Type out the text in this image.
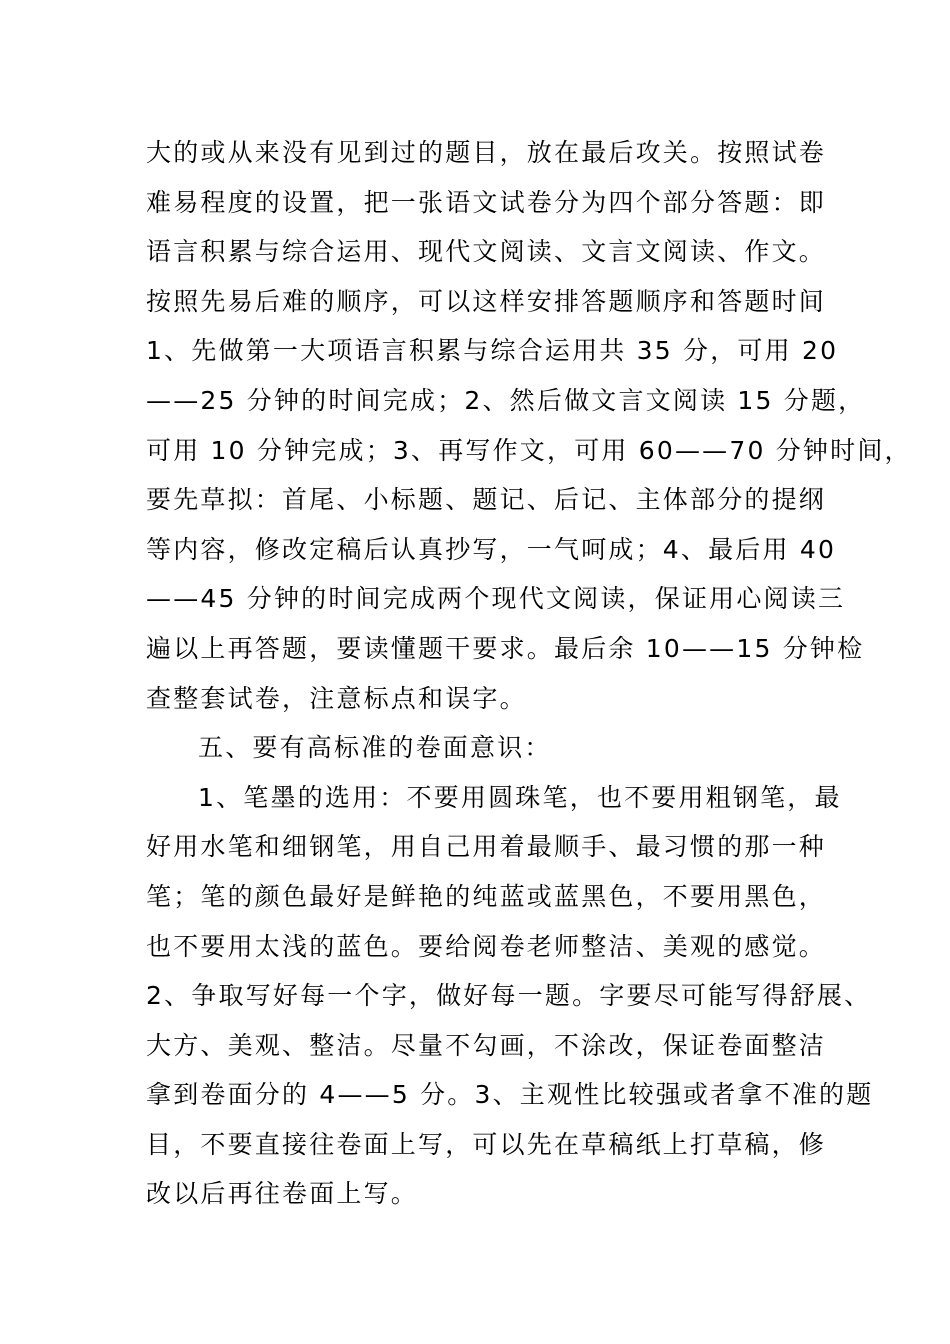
大的或从来没有见到过的题目，放在最后攻关。按照试卷
难易程度的设置，把一张语文试卷分为四个部分答题：即
语言积累与综合运用、现代文阅读、文言文阅读、作文。
按照先易后难的顺序，可以这样安排答题顺序和答题时间
1、先做第一大项语言积累与综合运用共 35 分，可用 20
——25 分钟的时间完成；2、然后做文言文阅读 15 分题，
可用 10 分钟完成；3、再写作文，可用 60——70 分钟时间，
要先草拟：首尾、小标题、题记、后记、主体部分的提纲
等内容，修改定稿后认真抄写，一气呵成；4、最后用 40
——45 分钟的时间完成两个现代文阅读，保证用心阅读三
遍以上再答题，要读懂题干要求。最后余 10——15 分钟检
查整套试卷，注意标点和误字。
五、要有高标准的卷面意识：
1、笔墨的选用：不要用圆珠笔，也不要用粗钢笔，最
好用水笔和细钢笔，用自己用着最顺手、最习惯的那一种
笔；笔的颜色最好是鲜艳的纯蓝或蓝黑色，不要用黑色，
也不要用太浅的蓝色。要给阅卷老师整洁、美观的感觉。
2、争取写好每一个字，做好每一题。字要尽可能写得舒展、
大方、美观、整洁。尽量不勾画，不涂改，保证卷面整洁
拿到卷面分的 4——5 分。3、主观性比较强或者拿不准的题
目，不要直接往卷面上写，可以先在草稿纸上打草稿，修
改以后再往卷面上写。
